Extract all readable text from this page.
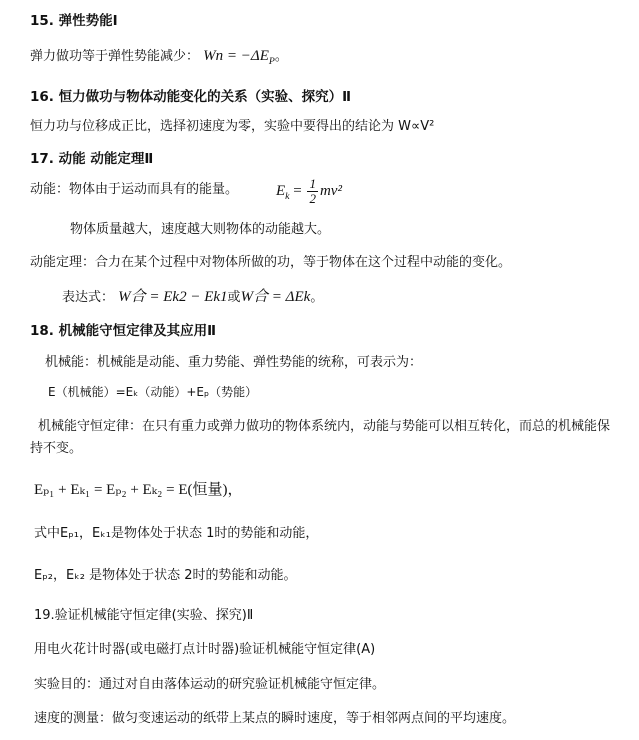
15. 弹性势能Ⅰ
弹力做功等于弹性势能减少： $Wn = -\Delta E_P$。
16. 恒力做功与物体动能变化的关系（实验、探究）Ⅱ
恒力功与位移成正比，选择初速度为零，实验中要得出的结论为 W∝V²
17. 动能 动能定理Ⅱ
动能：物体由于运动而具有的能量。	$E_k = \frac{1}{2} mv^2$
物体质量越大，速度越大则物体的动能越大。
动能定理：合力在某个过程中对物体所做的功，等于物体在这个过程中动能的变化。
表达式： W合 = Ek2 − Ek1或W合 = ΔEk。
18. 机械能守恒定律及其应用Ⅱ
机械能：机械能是动能、重力势能、弹性势能的统称，可表示为：
E（机械能）=Eₖ（动能）+Eₚ（势能）
机械能守恒定律：在只有重力或弹力做功的物体系统内，动能与势能可以相互转化，而总的机械能保持不变。
Eₚ₁ + Eₖ₁ = Eₚ₂ + Eₖ₂ = E(恒量)，
式中Eₚ₁，Eₖ₁是物体处于状态 1时的势能和动能，
Eₚ₂，Eₖ₂ 是物体处于状态 2时的势能和动能。
19.验证机械能守恒定律(实验、探究)Ⅱ
用电火花计时器(或电磁打点计时器)验证机械能守恒定律(A)
实验目的：通过对自由落体运动的研究验证机械能守恒定律。
速度的测量：做匀变速运动的纸带上某点的瞬时速度，等于相邻两点间的平均速度。
